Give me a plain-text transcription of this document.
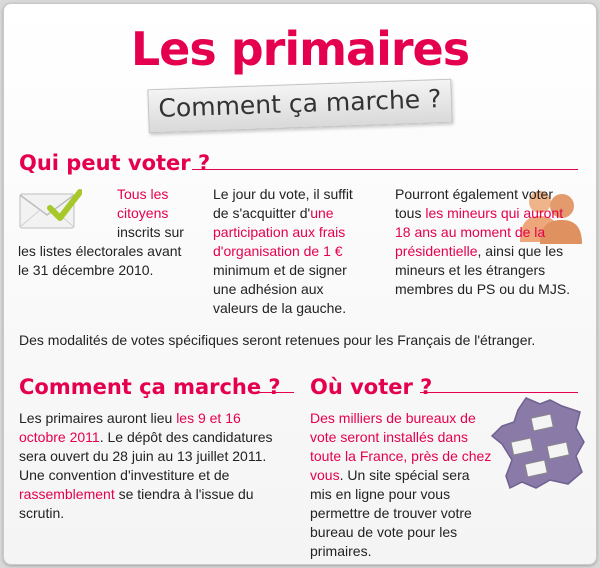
Les primaires
Comment ça marche ?
Qui peut voter ?

Tous les citoyens inscrits sur les listes électorales avant le 31 décembre 2010.

Le jour du vote, il suffit de s'acquitter d'une participation aux frais d'organisation de 1 € minimum et de signer une adhésion aux valeurs de la gauche.

Pourront également voter tous les mineurs qui auront 18 ans au moment de la présidentielle, ainsi que les mineurs et les étrangers membres du PS ou du MJS.

Des modalités de votes spécifiques seront retenues pour les Français de l'étranger.

Comment ça marche ?

Les primaires auront lieu les 9 et 16 octobre 2011. Le dépôt des candidatures sera ouvert du 28 juin au 13 juillet 2011. Une convention d'investiture et de rassemblement se tiendra à l'issue du scrutin.

Où voter ?

Des milliers de bureaux de vote seront installés dans toute la France, près de chez vous. Un site spécial sera mis en ligne pour vous permettre de trouver votre bureau de vote pour les primaires.
